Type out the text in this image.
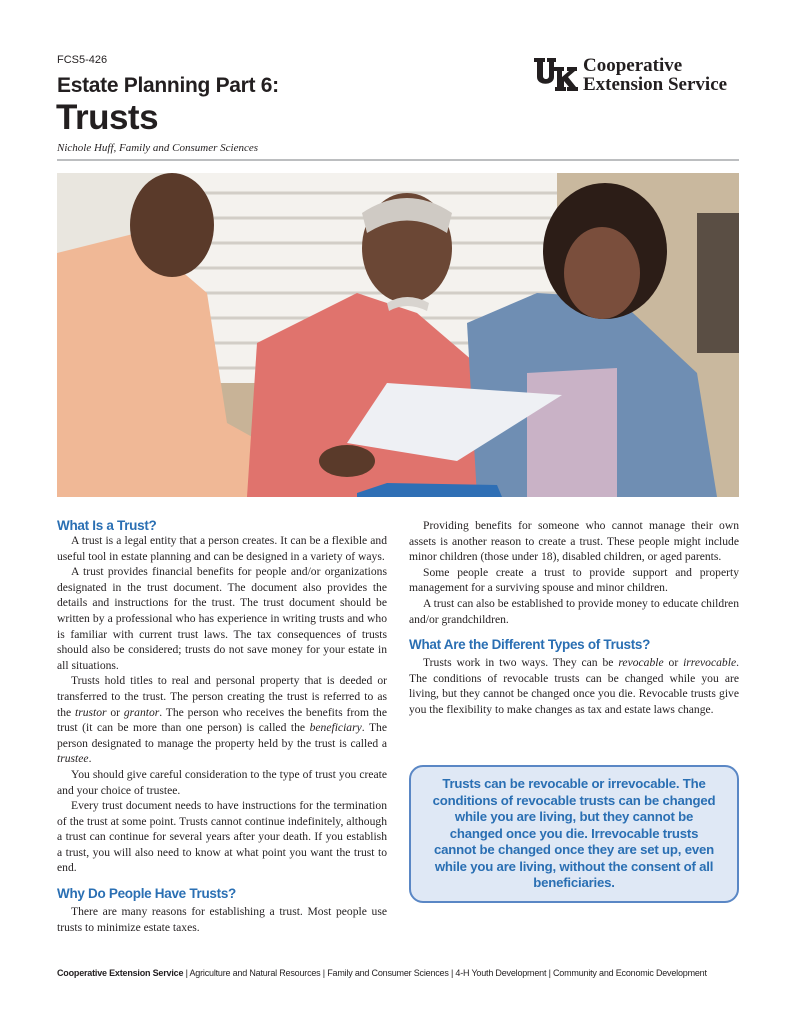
FCS5-426
Estate Planning Part 6:
Trusts
Nichole Huff, Family and Consumer Sciences
Cooperative
Extension Service
What Is a Trust?

A trust is a legal entity that a person creates. It can be a flexible and useful tool in estate planning and can be designed in a variety of ways.

A trust provides financial benefits for people and/or organizations designated in the trust document. The document also provides the details and instructions for the trust. The trust document should be written by a professional who has experience in writing trusts and who is familiar with current trust laws. The tax consequences of trusts should also be considered; trusts do not save money for your estate in all situations.

Trusts hold titles to real and personal property that is deeded or transferred to the trust. The person creating the trust is referred to as the trustor or grantor. The person who receives the benefits from the trust (it can be more than one person) is called the beneficiary. The person designated to manage the property held by the trust is called a trustee.

You should give careful consideration to the type of trust you create and your choice of trustee.

Every trust document needs to have instructions for the termination of the trust at some point. Trusts cannot continue indefinitely, although a trust can continue for several years after your death. If you establish a trust, you will also need to know at what point you want the trust to end.

Why Do People Have Trusts?

There are many reasons for establishing a trust. Most people use trusts to minimize estate taxes.

Providing benefits for someone who cannot manage their own assets is another reason to create a trust. These people might include minor children (those under 18), disabled children, or aged parents.

Some people create a trust to provide support and property management for a surviving spouse and minor children.

A trust can also be established to provide money to educate children and/or grandchildren.

What Are the Different Types of Trusts?

Trusts work in two ways. They can be revocable or irrevocable. The conditions of revocable trusts can be changed while you are living, but they cannot be changed once you die. Revocable trusts give you the flexibility to make changes as tax and estate laws change.

Trusts can be revocable or irrevocable. The conditions of revocable trusts can be changed while you are living, but they cannot be changed once you die. Irrevocable trusts cannot be changed once they are set up, even while you are living, without the consent of all beneficiaries.
Cooperative Extension Service | Agriculture and Natural Resources | Family and Consumer Sciences | 4-H Youth Development | Community and Economic Development
